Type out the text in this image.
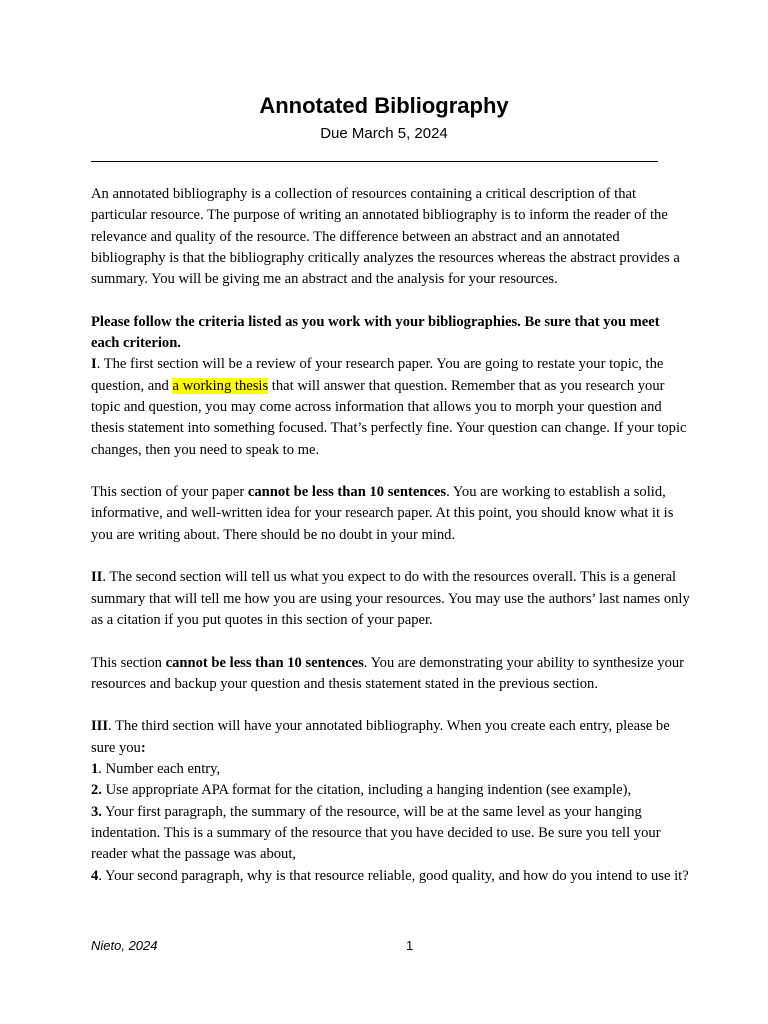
Annotated Bibliography
Due March 5, 2024

An annotated bibliography is a collection of resources containing a critical description of that particular resource. The purpose of writing an annotated bibliography is to inform the reader of the relevance and quality of the resource. The difference between an abstract and an annotated bibliography is that the bibliography critically analyzes the resources whereas the abstract provides a summary. You will be giving me an abstract and the analysis for your resources.

Please follow the criteria listed as you work with your bibliographies. Be sure that you meet each criterion.

I. The first section will be a review of your research paper. You are going to restate your topic, the question, and a working thesis that will answer that question. Remember that as you research your topic and question, you may come across information that allows you to morph your question and thesis statement into something focused. That’s perfectly fine. Your question can change. If your topic changes, then you need to speak to me.

This section of your paper cannot be less than 10 sentences. You are working to establish a solid, informative, and well-written idea for your research paper. At this point, you should know what it is you are writing about. There should be no doubt in your mind.

II. The second section will tell us what you expect to do with the resources overall. This is a general summary that will tell me how you are using your resources. You may use the authors’ last names only as a citation if you put quotes in this section of your paper.

This section cannot be less than 10 sentences. You are demonstrating your ability to synthesize your resources and backup your question and thesis statement stated in the previous section.

III. The third section will have your annotated bibliography. When you create each entry, please be sure you:

1. Number each entry,

2. Use appropriate APA format for the citation, including a hanging indention (see example),

3. Your first paragraph, the summary of the resource, will be at the same level as your hanging indentation. This is a summary of the resource that you have decided to use. Be sure you tell your reader what the passage was about,

4. Your second paragraph, why is that resource reliable, good quality, and how do you intend to use it?

Nieto, 2024	1
